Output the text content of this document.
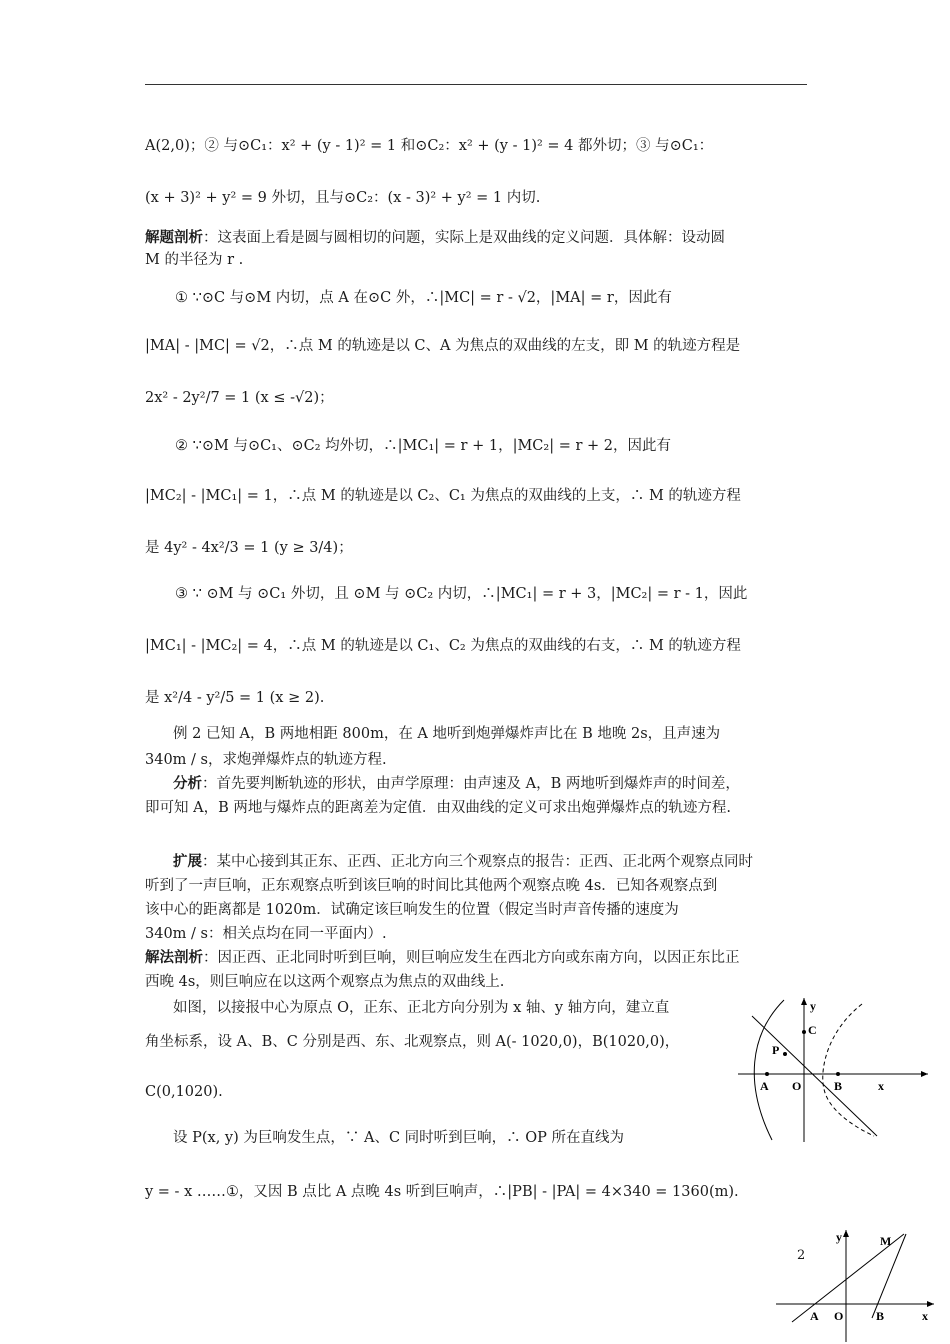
A(2,0)；② 与⊙C₁：x² + (y - 1)² = 1 和⊙C₂：x² + (y - 1)² = 4 都外切；③ 与⊙C₁：
(x + 3)² + y² = 9 外切，且与⊙C₂：(x - 3)² + y² = 1 内切.
解题剖析：这表面上看是圆与圆相切的问题，实际上是双曲线的定义问题．具体解：设动圆
M 的半径为 r .
① ∵⊙C 与⊙M 内切，点 A 在⊙C 外，∴|MC| = r - √2，|MA| = r，因此有
|MA| - |MC| = √2，∴点 M 的轨迹是以 C、A 为焦点的双曲线的左支，即 M 的轨迹方程是
2x² - 2y²/7 = 1 (x ≤ -√2)；
② ∵⊙M 与⊙C₁、⊙C₂ 均外切，∴|MC₁| = r + 1，|MC₂| = r + 2，因此有
|MC₂| - |MC₁| = 1，∴点 M 的轨迹是以 C₂、C₁ 为焦点的双曲线的上支，∴ M 的轨迹方程
是 4y² - 4x²/3 = 1 (y ≥ 3/4)；
③ ∵ ⊙M 与 ⊙C₁ 外切，且 ⊙M 与 ⊙C₂ 内切，∴|MC₁| = r + 3，|MC₂| = r - 1，因此
|MC₁| - |MC₂| = 4，∴点 M 的轨迹是以 C₁、C₂ 为焦点的双曲线的右支，∴ M 的轨迹方程
是 x²/4 - y²/5 = 1 (x ≥ 2).
例 2 已知 A，B 两地相距 800m，在 A 地听到炮弹爆炸声比在 B 地晚 2s，且声速为
340m / s，求炮弹爆炸点的轨迹方程.
分析：首先要判断轨迹的形状，由声学原理：由声速及 A，B 两地听到爆炸声的时间差，
即可知 A，B 两地与爆炸点的距离差为定值．由双曲线的定义可求出炮弹爆炸点的轨迹方程.
扩展：某中心接到其正东、正西、正北方向三个观察点的报告：正西、正北两个观察点同时
听到了一声巨响，正东观察点听到该巨响的时间比其他两个观察点晚 4s．已知各观察点到
该中心的距离都是 1020m．试确定该巨响发生的位置（假定当时声音传播的速度为
340m / s：相关点均在同一平面内）.
解法剖析：因正西、正北同时听到巨响，则巨响应发生在西北方向或东南方向，以因正东比正
西晚 4s，则巨响应在以这两个观察点为焦点的双曲线上.
如图，以接报中心为原点 O，正东、正北方向分别为 x 轴、y 轴方向，建立直
角坐标系，设 A、B、C 分别是西、东、北观察点，则 A(- 1020,0)，B(1020,0)，
C(0,1020).
设 P(x, y) 为巨响发生点，∵ A、C 同时听到巨响，∴ OP 所在直线为
y = - x ……①，又因 B 点比 A 点晚 4s 听到巨响声，∴|PB| - |PA| = 4×340 = 1360(m).
y
C
P
A O	B	x
y	M
A O	B	x
2
